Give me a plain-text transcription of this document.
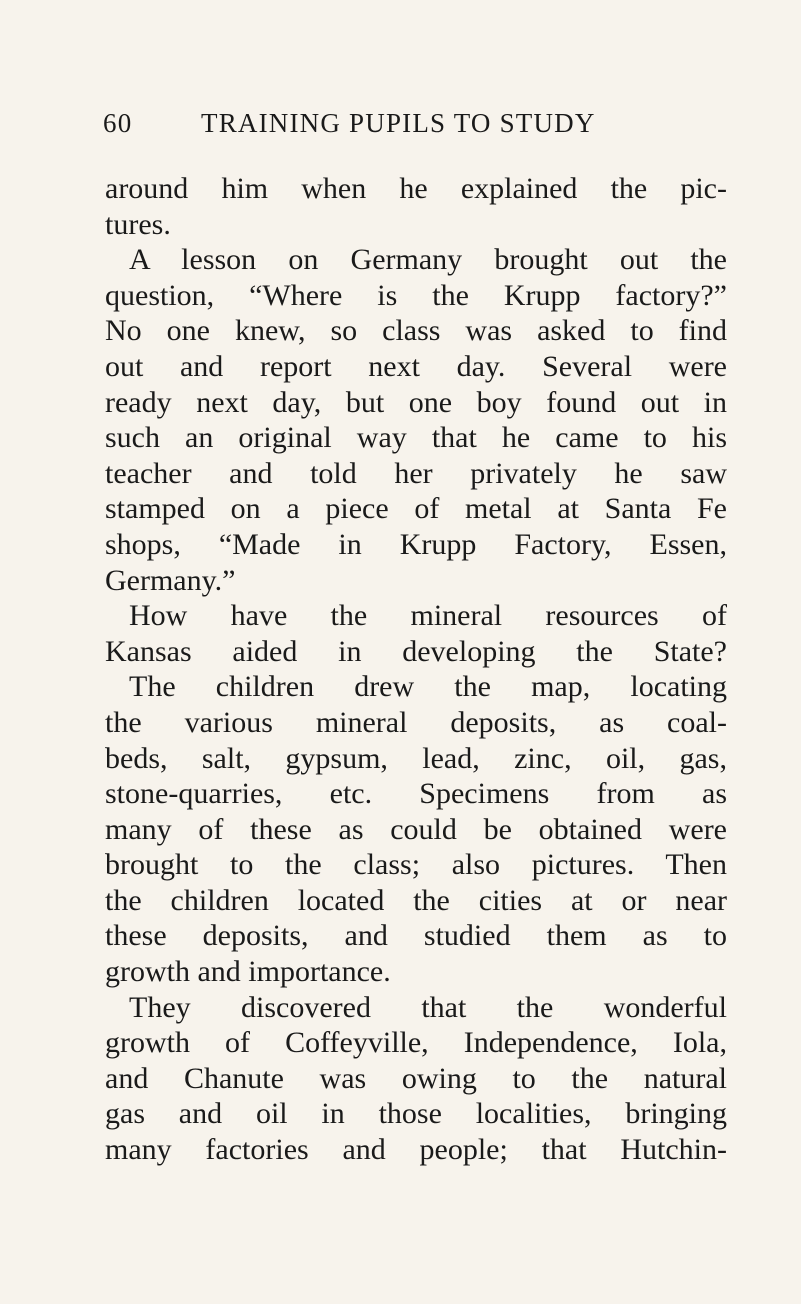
60	TRAINING PUPILS TO STUDY
around him when he explained the pic-
tures.
A lesson on Germany brought out the
question, “Where is the Krupp factory?”
No one knew, so class was asked to find
out and report next day. Several were
ready next day, but one boy found out in
such an original way that he came to his
teacher and told her privately he saw
stamped on a piece of metal at Santa Fe
shops, “Made in Krupp Factory, Essen,
Germany.”
How have the mineral resources of
Kansas aided in developing the State?
The children drew the map, locating
the various mineral deposits, as coal-
beds, salt, gypsum, lead, zinc, oil, gas,
stone-quarries, etc. Specimens from as
many of these as could be obtained were
brought to the class; also pictures. Then
the children located the cities at or near
these deposits, and studied them as to
growth and importance.
They discovered that the wonderful
growth of Coffeyville, Independence, Iola,
and Chanute was owing to the natural
gas and oil in those localities, bringing
many factories and people; that Hutchin-
